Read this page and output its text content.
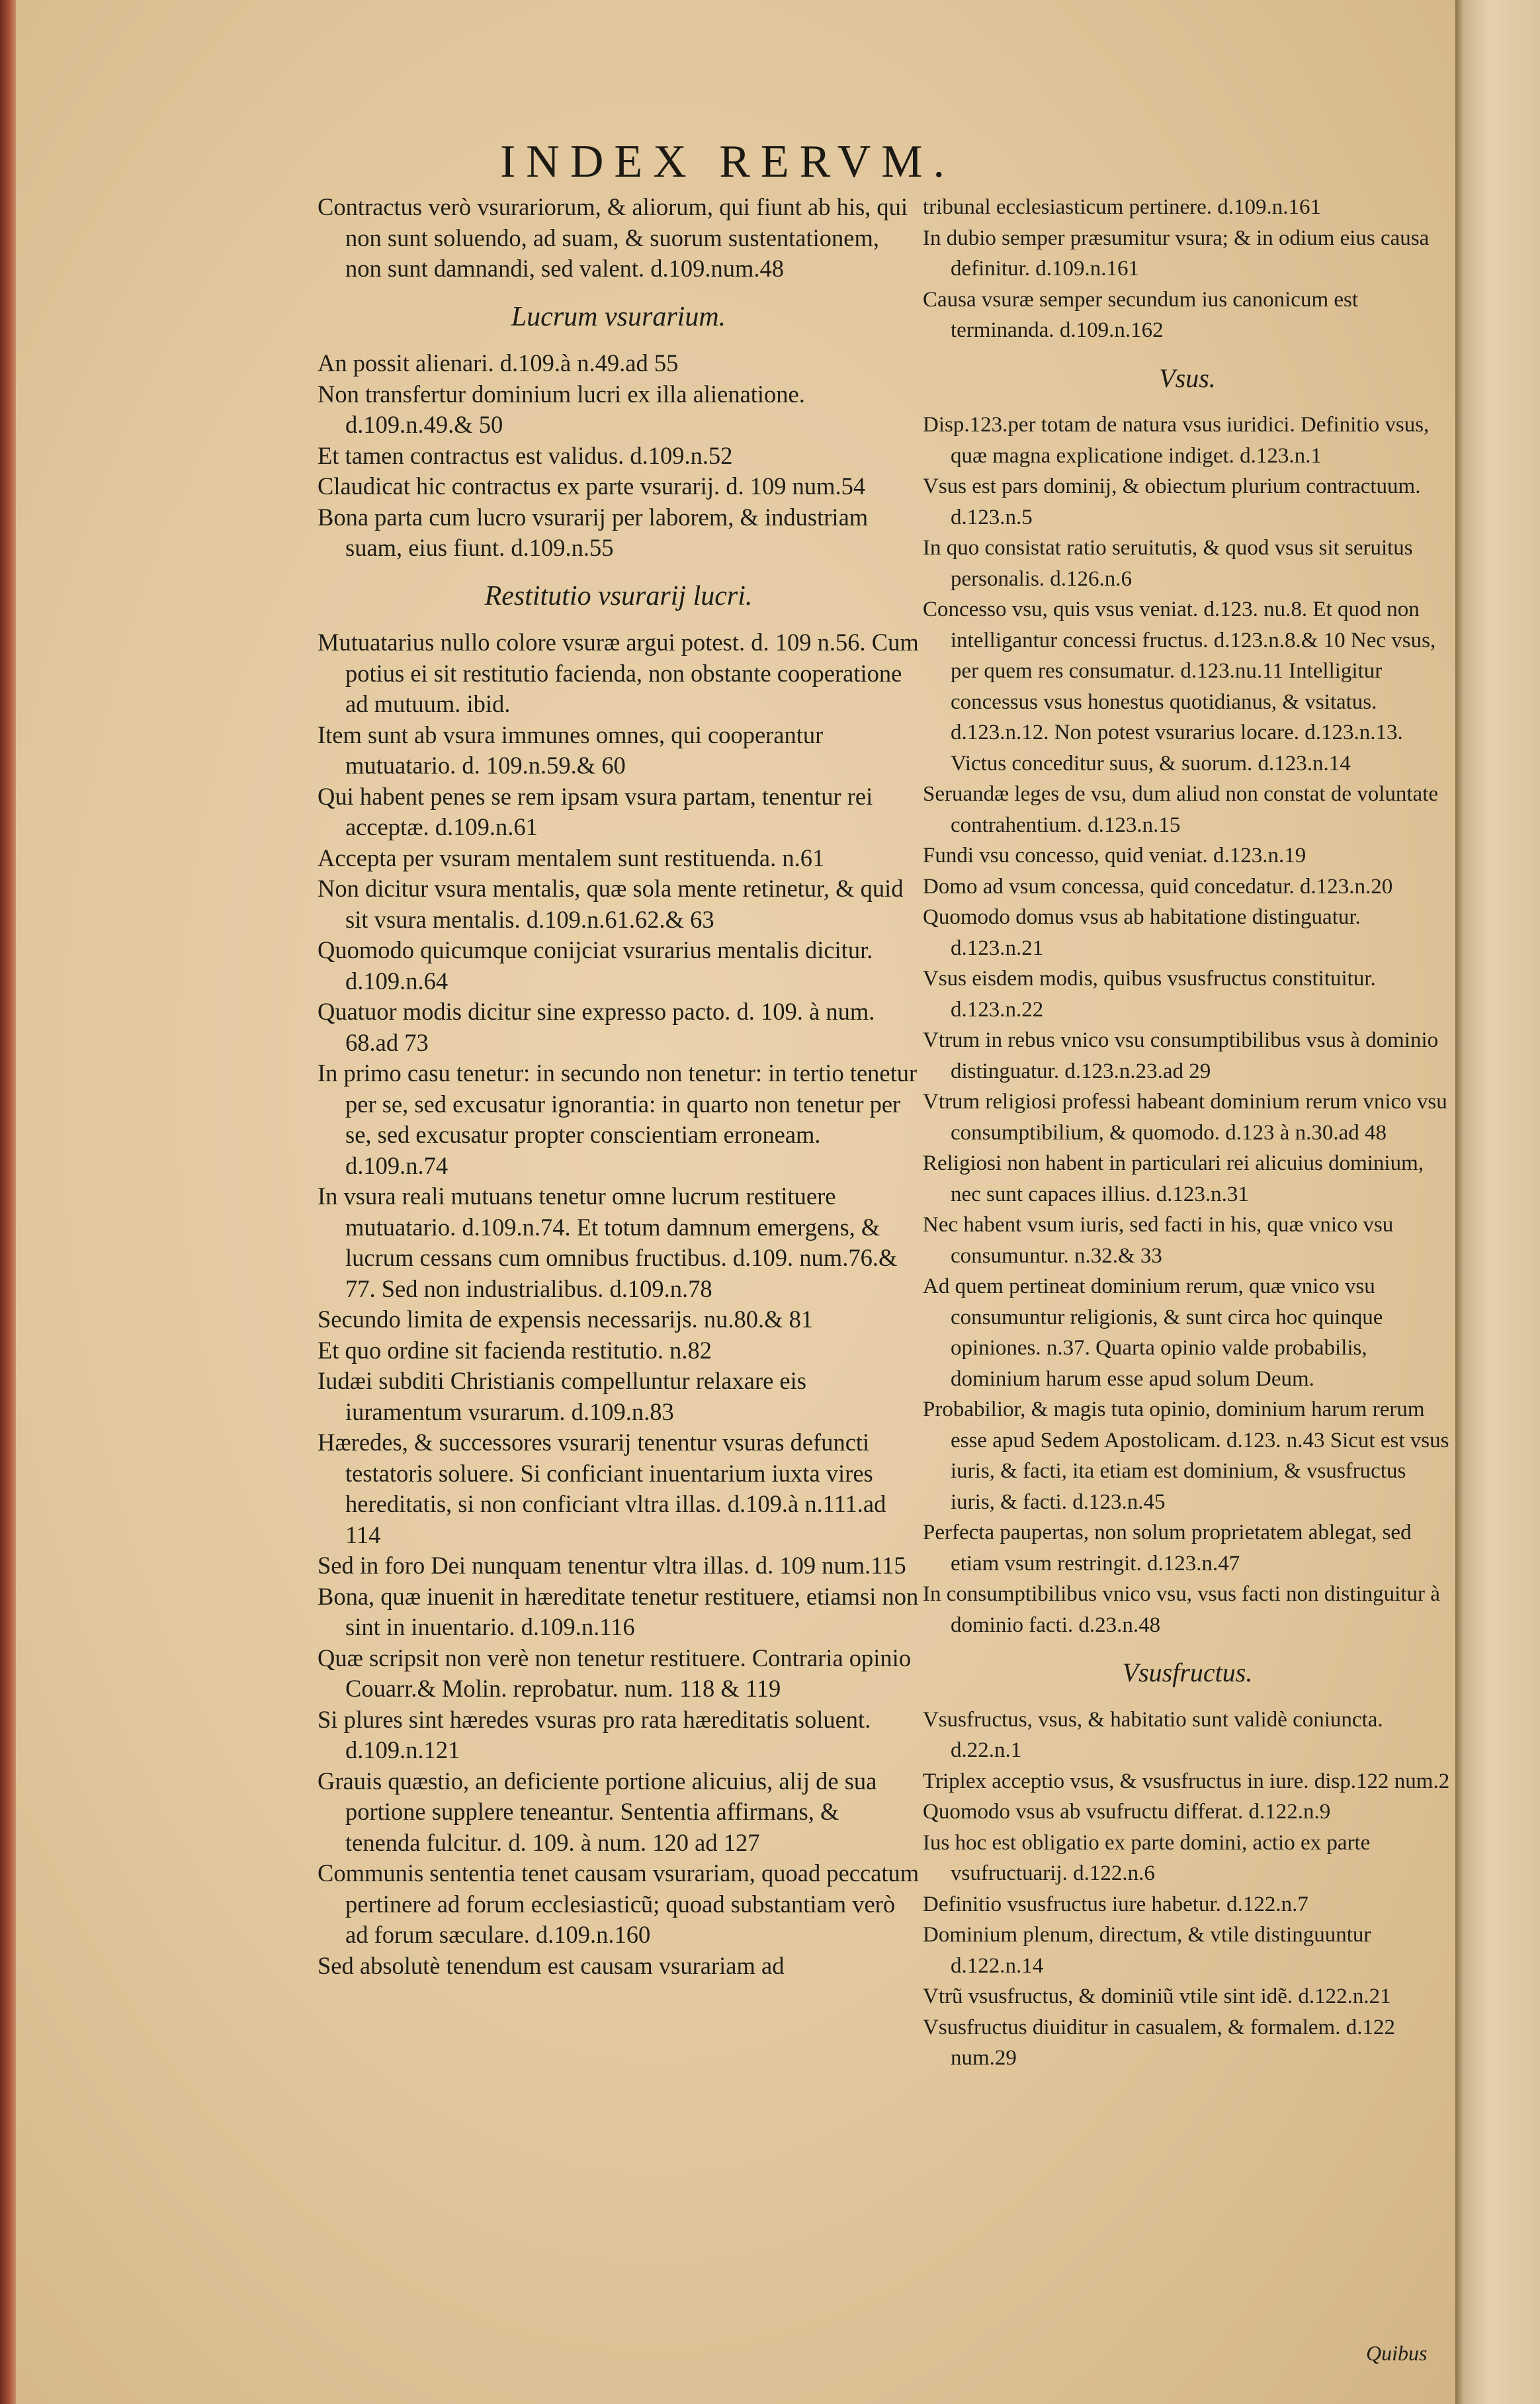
INDEX RERVM.
Contractus verò vsurariorum, & aliorum, qui fiunt ab his, qui non sunt soluendo, ad suam, & suorum sustentationem, non sunt damnandi, sed valent. d.109.num.48
Lucrum vsurarium.
An possit alienari. d.109.à n.49.ad 55
Non transfertur dominium lucri ex illa alienatione. d.109.n.49.& 50
Et tamen contractus est validus. d.109.n.52
Claudicat hic contractus ex parte vsurarij. d. 109 num.54
Bona parta cum lucro vsurarij per laborem, & industriam suam, eius fiunt. d.109.n.55
Restitutio vsurarij lucri.
Mutuatarius nullo colore vsuræ argui potest. d. 109 n.56. Cum potius ei sit restitutio facienda, non obstante cooperatione ad mutuum. ibid.
Item sunt ab vsura immunes omnes, qui cooperantur mutuatario. d. 109.n.59.& 60
Qui habent penes se rem ipsam vsura partam, tenentur rei acceptæ. d.109.n.61
Accepta per vsuram mentalem sunt restituenda. n.61
Non dicitur vsura mentalis, quæ sola mente retinetur, & quid sit vsura mentalis. d.109.n.61.62.& 63
Quomodo quicumque conijciat vsurarius mentalis dicitur. d.109.n.64
Quatuor modis dicitur sine expresso pacto. d. 109. à num. 68.ad 73
In primo casu tenetur: in secundo non tenetur: in tertio tenetur per se, sed excusatur ignorantia: in quarto non tenetur per se, sed excusatur propter conscientiam erroneam. d.109.n.74
In vsura reali mutuans tenetur omne lucrum restituere mutuatario. d.109.n.74. Et totum damnum emergens, & lucrum cessans cum omnibus fructibus. d.109. num.76.& 77. Sed non industrialibus. d.109.n.78
Secundo limita de expensis necessarijs. nu.80.& 81
Et quo ordine sit facienda restitutio. n.82
Iudæi subditi Christianis compelluntur relaxare eis iuramentum vsurarum. d.109.n.83
Hæredes, & successores vsurarij tenentur vsuras defuncti testatoris soluere. Si conficiant inuentarium iuxta vires hereditatis, si non conficiant vltra illas. d.109.à n.111.ad 114
Sed in foro Dei nunquam tenentur vltra illas. d. 109 num.115
Bona, quæ inuenit in hæreditate tenetur restituere, etiamsi non sint in inuentario. d.109.n.116
Quæ scripsit non verè non tenetur restituere. Contraria opinio Couarr.& Molin. reprobatur. num. 118 & 119
Si plures sint hæredes vsuras pro rata hæreditatis soluent. d.109.n.121
Grauis quæstio, an deficiente portione alicuius, alij de sua portione supplere teneantur. Sententia affirmans, & tenenda fulcitur. d. 109. à num. 120 ad 127
Communis sententia tenet causam vsurariam, quoad peccatum pertinere ad forum ecclesiasticũ; quoad substantiam verò ad forum sæculare. d.109.n.160
Sed absolutè tenendum est causam vsurariam ad
tribunal ecclesiasticum pertinere. d.109.n.161
In dubio semper præsumitur vsura; & in odium eius causa definitur. d.109.n.161
Causa vsuræ semper secundum ius canonicum est terminanda. d.109.n.162
Vsus.
Disp.123.per totam de natura vsus iuridici. Definitio vsus, quæ magna explicatione indiget. d.123.n.1
Vsus est pars dominij, & obiectum plurium contractuum. d.123.n.5
In quo consistat ratio seruitutis, & quod vsus sit seruitus personalis. d.126.n.6
Concesso vsu, quis vsus veniat. d.123. nu.8. Et quod non intelligantur concessi fructus. d.123.n.8.& 10 Nec vsus, per quem res consumatur. d.123.nu.11 Intelligitur concessus vsus honestus quotidianus, & vsitatus. d.123.n.12. Non potest vsurarius locare. d.123.n.13. Victus conceditur suus, & suorum. d.123.n.14
Seruandæ leges de vsu, dum aliud non constat de voluntate contrahentium. d.123.n.15
Fundi vsu concesso, quid veniat. d.123.n.19
Domo ad vsum concessa, quid concedatur. d.123.n.20
Quomodo domus vsus ab habitatione distinguatur. d.123.n.21
Vsus eisdem modis, quibus vsusfructus constituitur. d.123.n.22
Vtrum in rebus vnico vsu consumptibilibus vsus à dominio distinguatur. d.123.n.23.ad 29
Vtrum religiosi professi habeant dominium rerum vnico vsu consumptibilium, & quomodo. d.123 à n.30.ad 48
Religiosi non habent in particulari rei alicuius dominium, nec sunt capaces illius. d.123.n.31
Nec habent vsum iuris, sed facti in his, quæ vnico vsu consumuntur. n.32.& 33
Ad quem pertineat dominium rerum, quæ vnico vsu consumuntur religionis, & sunt circa hoc quinque opiniones. n.37. Quarta opinio valde probabilis, dominium harum esse apud solum Deum.
Probabilior, & magis tuta opinio, dominium harum rerum esse apud Sedem Apostolicam. d.123. n.43 Sicut est vsus iuris, & facti, ita etiam est dominium, & vsusfructus iuris, & facti. d.123.n.45
Perfecta paupertas, non solum proprietatem ablegat, sed etiam vsum restringit. d.123.n.47
In consumptibilibus vnico vsu, vsus facti non distinguitur à dominio facti. d.23.n.48
Vsusfructus.
Vsusfructus, vsus, & habitatio sunt validè coniuncta. d.22.n.1
Triplex acceptio vsus, & vsusfructus in iure. disp.122 num.2
Quomodo vsus ab vsufructu differat. d.122.n.9
Ius hoc est obligatio ex parte domini, actio ex parte vsufructuarij. d.122.n.6
Definitio vsusfructus iure habetur. d.122.n.7
Dominium plenum, directum, & vtile distinguuntur d.122.n.14
Vtrũ vsusfructus, & dominiũ vtile sint idẽ. d.122.n.21
Vsusfructus diuiditur in casualem, & formalem. d.122 num.29
Quibus
